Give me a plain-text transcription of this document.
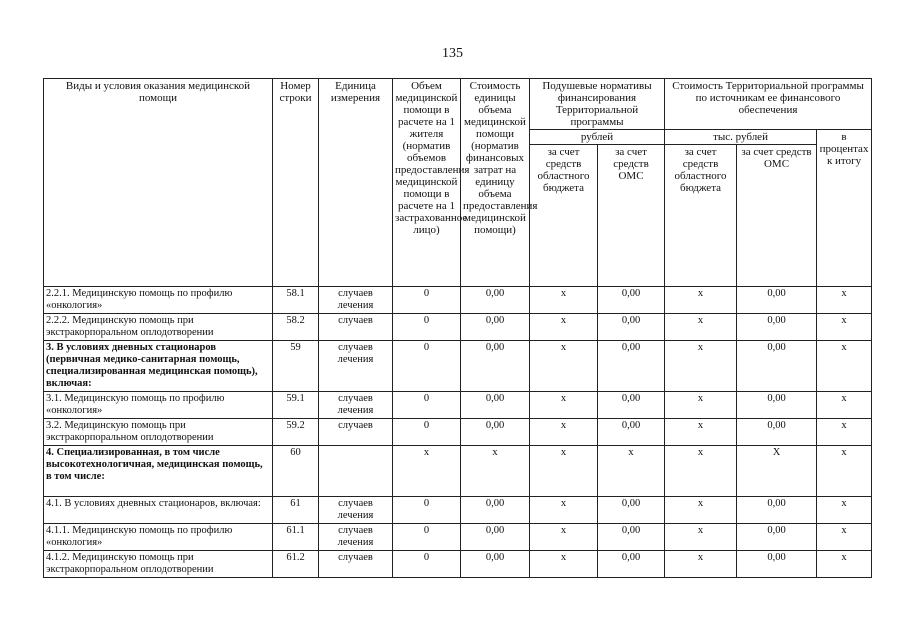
135
Виды и условия оказания медицинской помощи	Номер строки	Единица измерения	Объем медицинской помощи в расчете на 1 жителя (норматив объемов предоставления медицинской помощи в расчете на 1 застрахованное лицо)	Стоимость единицы объема медицинской помощи (норматив финансовых затрат на единицу объема предоставления медицинской помощи)	Подушевые нормативы финансирования Территориальной программы		Стоимость Территориальной программы по источникам ее финансового обеспечения		
					рублей		тыс. рублей		в процентах к итогу
					за счет средств областного бюджета	за счет средств ОМС	за счет средств областного бюджета	за счет средств ОМС	
2.2.1. Медицинскую помощь по профилю «онкология»	58.1	случаев лечения	0	0,00	х	0,00	х	0,00	х
2.2.2. Медицинскую помощь при экстракорпоральном оплодотворении	58.2	случаев	0	0,00	х	0,00	х	0,00	х
3. В условиях дневных стационаров (первичная медико-санитарная помощь, специализированная медицинская помощь), включая:	59	случаев лечения	0	0,00	х	0,00	х	0,00	х
3.1. Медицинскую помощь по профилю «онкология»	59.1	случаев лечения	0	0,00	х	0,00	х	0,00	х
3.2. Медицинскую помощь при экстракорпоральном оплодотворении	59.2	случаев	0	0,00	х	0,00	х	0,00	х
4. Специализированная, в том числе высокотехнологичная, медицинская помощь, в том числе:	60		х	х	х	х	х	Х	х
4.1. В условиях дневных стационаров, включая:	61	случаев лечения	0	0,00	х	0,00	х	0,00	х
4.1.1. Медицинскую помощь по профилю «онкология»	61.1	случаев лечения	0	0,00	х	0,00	х	0,00	х
4.1.2. Медицинскую помощь при экстракорпоральном оплодотворении	61.2	случаев	0	0,00	х	0,00	х	0,00	х
